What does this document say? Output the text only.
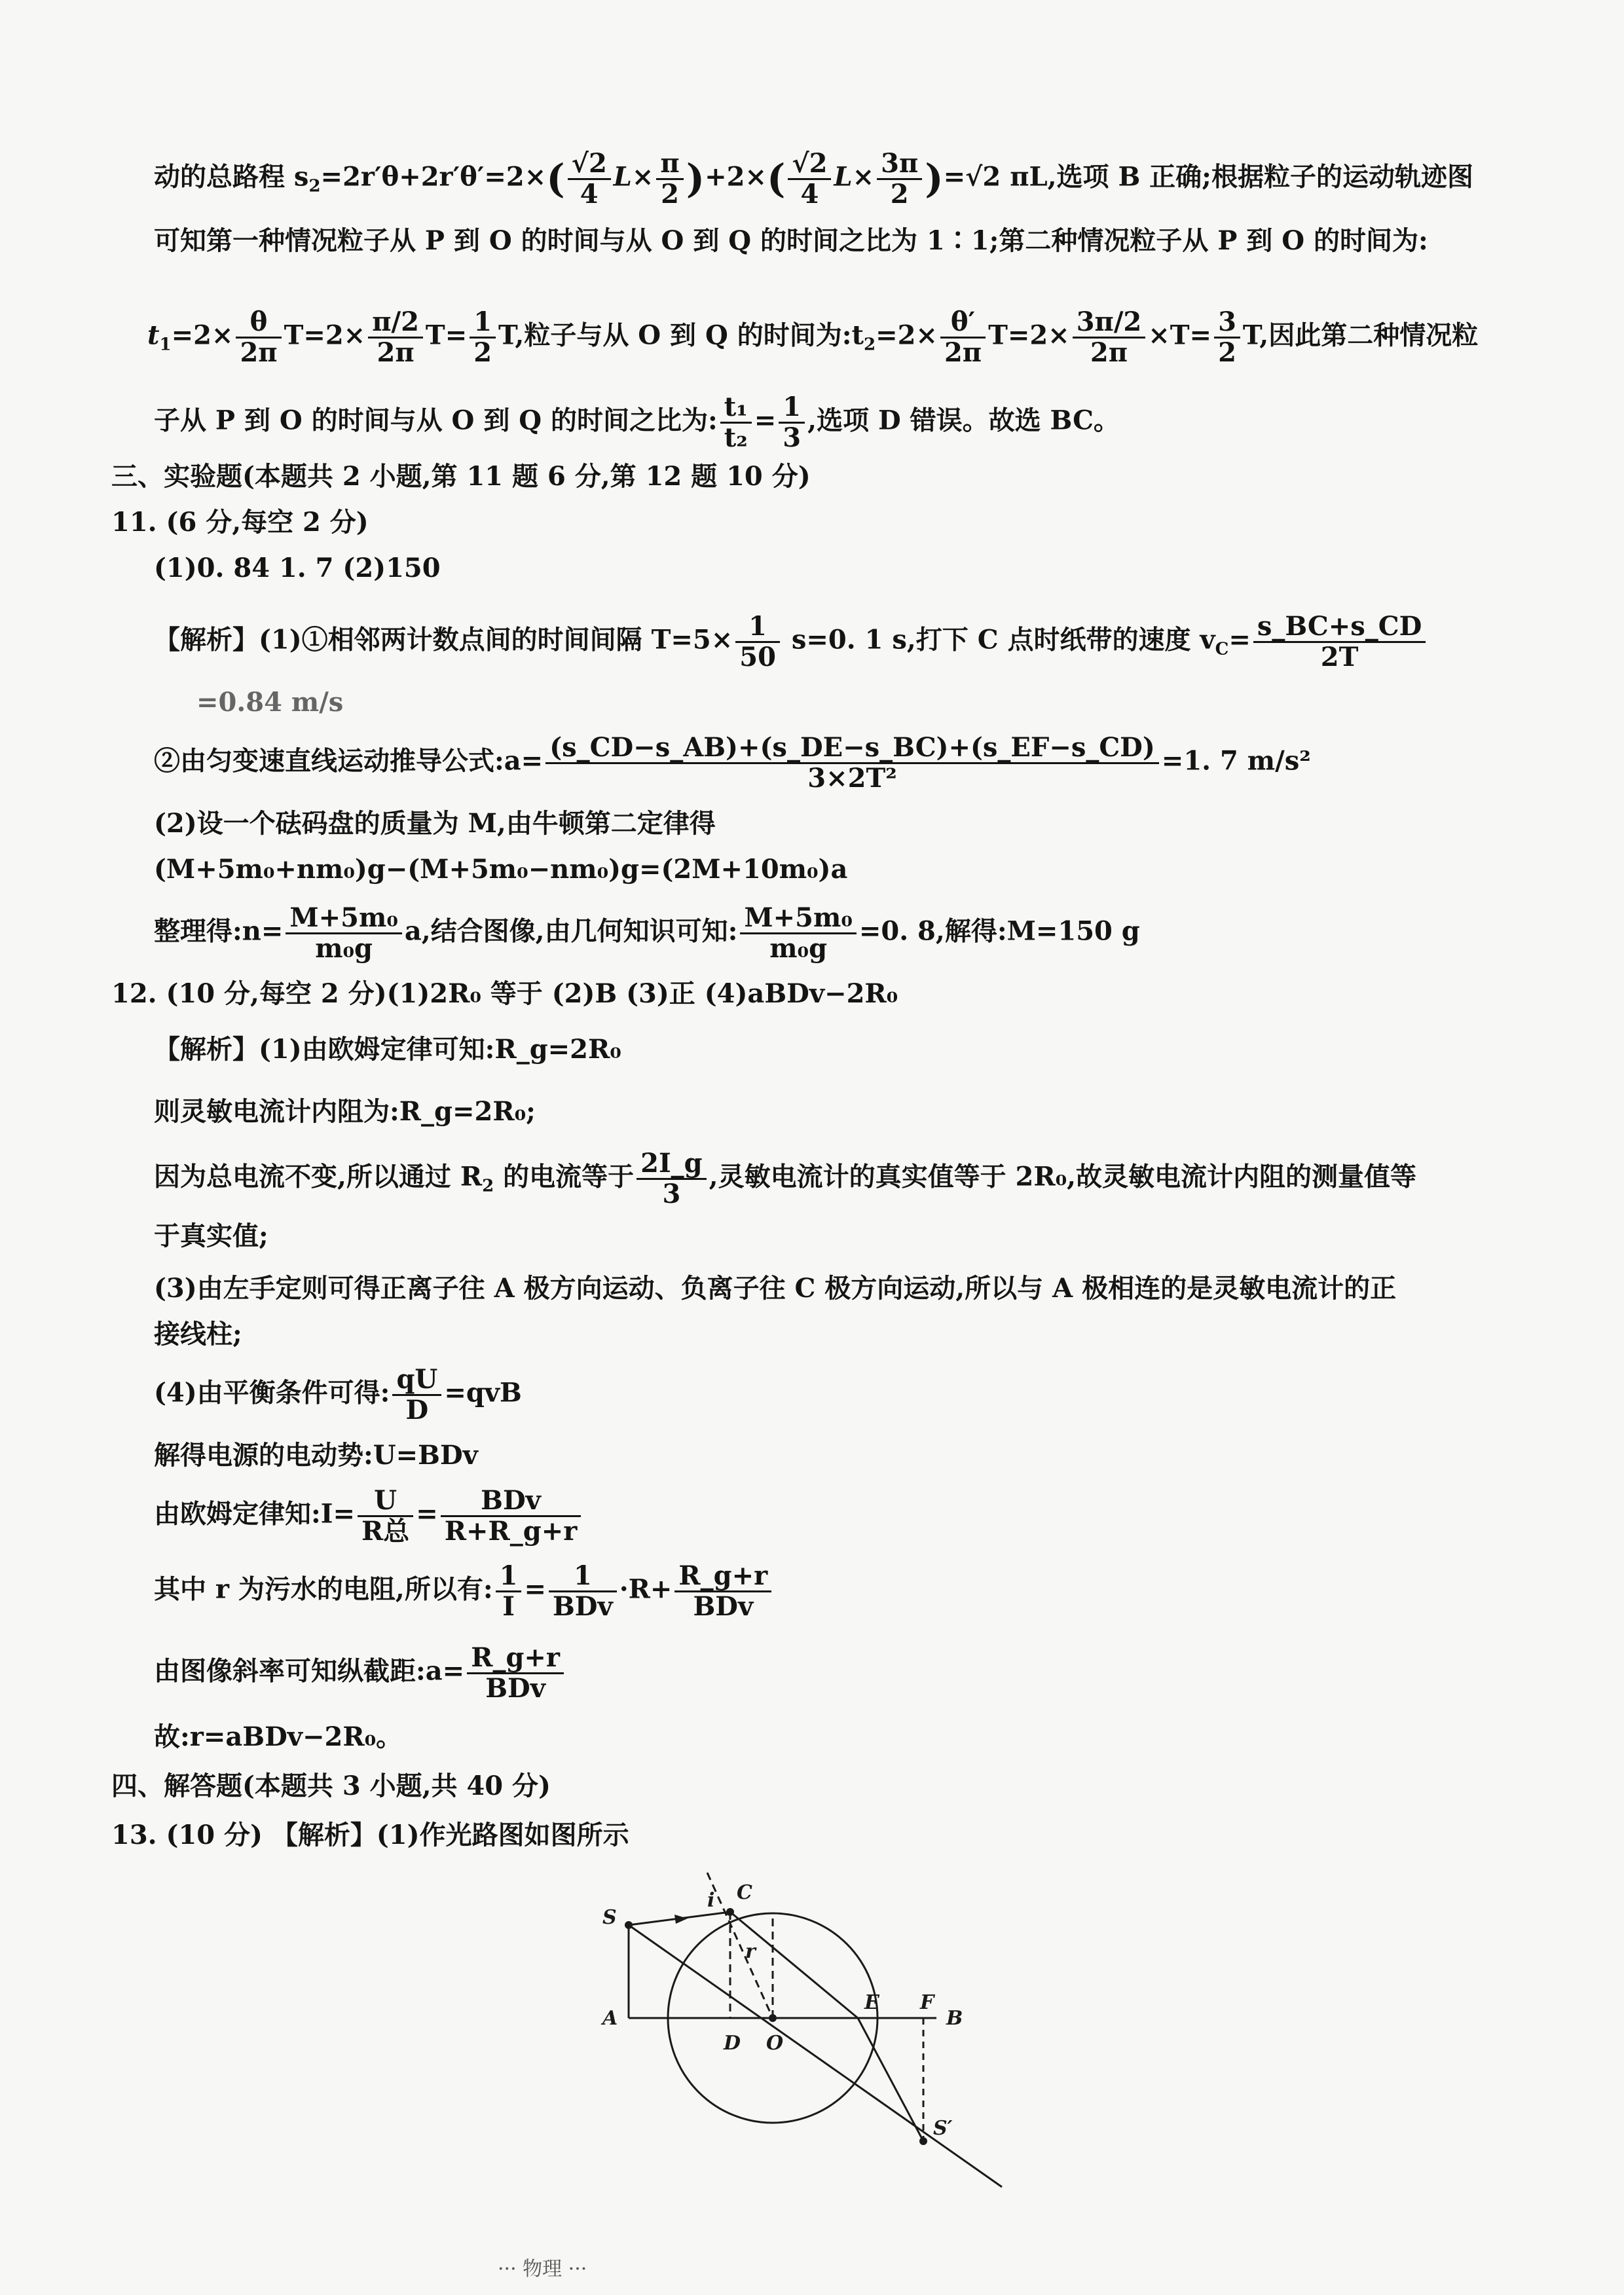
动的总路程 $s_2=2r'\theta+2r'\theta'=2\times( \frac{√2}{4} L\times \frac{\pi}{2} )+2\times( \frac{√2}{4} L\times \frac{3\pi}{2} )=√2$ πL,选项 B 正确;根据粒子的运动轨迹图
可知第一种情况粒子从 P 到 O 的时间与从 O 到 Q 的时间之比为 1∶1;第二种情况粒子从 P 到 O 的时间为:
$t_1=2\times \frac{\theta}{2\pi} T=2\times \frac{\pi/2}{2\pi} T= \frac{1}{2} T$,粒子与从 O 到 Q 的时间为$:t_2=2\times \frac{\theta'}{2\pi} T=2\times \frac{3\pi/2}{2\pi} \times T= \frac{3}{2} T$,因此第二种情况粒
子从 P 到 O 的时间与从 O 到 Q 的时间之比为: $\frac{\text{t₁}}{\text{t₂}} = \frac{1}{3}$ ,选项 D 错误。故选 BC。
三、实验题(本题共 2 小题,第 11 题 6 分,第 12 题 10 分)
11. (6 分,每空 2 分)
(1)0. 84 1. 7 (2)150
【解析】(1)①相邻两计数点间的时间间隔 $T=5\times \frac{1}{50} s=0$. 1 s,打下 C 点时纸带的速度 $v_C= \frac{s\_BC+s\_CD}{2T}$
=0.84 m/s
②由匀变速直线运动推导公式:a= $\frac{(s\_CD-s\_AB)+(s\_DE-s\_BC)+(s\_EF-s\_CD)}{\text{3×2T²}} =1$. 7 m/s²
(2)设一个砝码盘的质量为 M,由牛顿第二定律得
(M+5m₀+nm₀)g−(M+5m₀−nm₀)g=(2M+10m₀)a
整理得:n= $\frac{\text{M+5m₀}}{\text{m₀g}} a$,结合图像,由几何知识可知: $\frac{\text{M+5m₀}}{\text{m₀g}} =0$. 8,解得:M=150 g
12. (10 分,每空 2 分)(1)2R₀ 等于 (2)B (3)正 (4)aBDv−2R₀
【解析】(1)由欧姆定律可知:R_g=2R₀
则灵敏电流计内阻为:R_g=2R₀;
因为总电流不变,所以通过 $R_2$ 的电流等于 $\frac{2I\_g}{3}$ ,灵敏电流计的真实值等于 2R₀,故灵敏电流计内阻的测量值等
于真实值;
(3)由左手定则可得正离子往 A 极方向运动、负离子往 C 极方向运动,所以与 A 极相连的是灵敏电流计的正
接线柱;
(4)由平衡条件可得: $\frac{qU}{D} =qvB$
解得电源的电动势:U=BDv
由欧姆定律知:I= $\frac{U}{\text{R总}} = \frac{\text{BDv}}{R+R\_g+r}$
其中 r 为污水的电阻,所以有: $\frac{1}{I} = \frac{1}{\text{BDv}} \cdot R+ \frac{R\_g+r}{\text{BDv}}$
由图像斜率可知纵截距:a= $\frac{R\_g+r}{\text{BDv}}$
故:r=aBDv−2R₀。
四、解答题(本题共 3 小题,共 40 分)
13. (10 分) 【解析】(1)作光路图如图所示
S
A
i C
r
D O
E F
B
S′
··· 物理 ···
